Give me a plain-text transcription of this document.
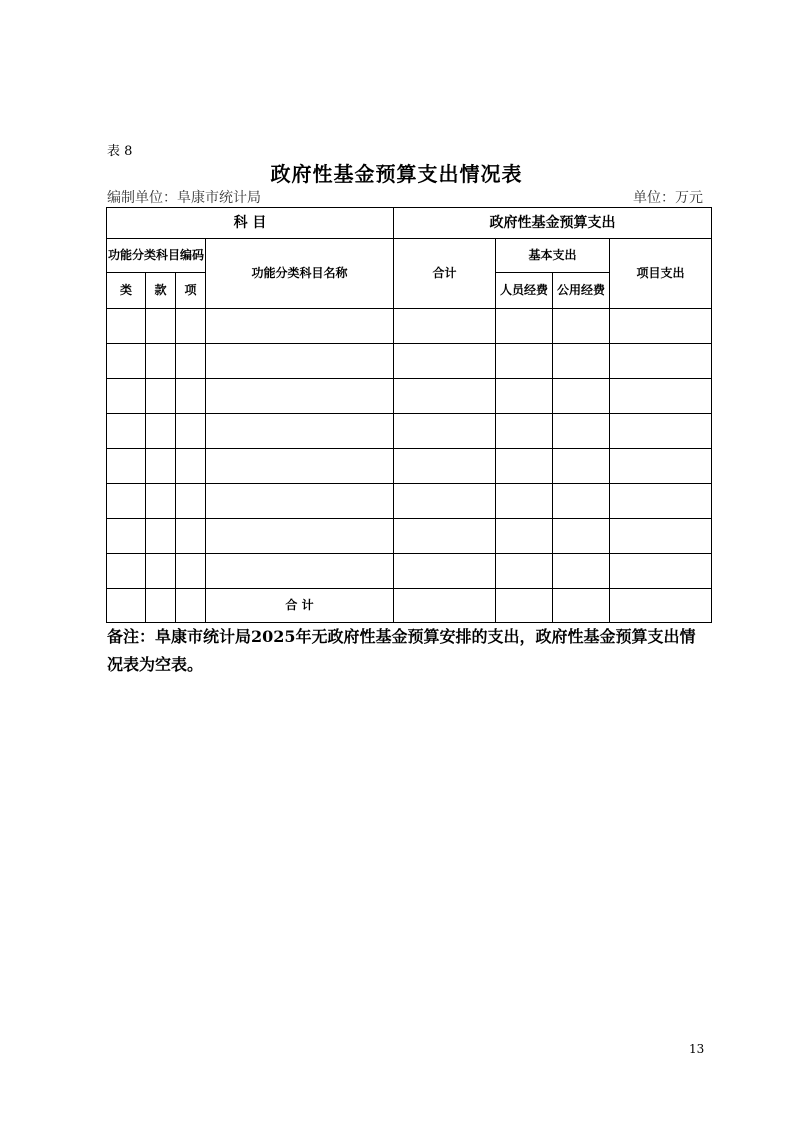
表 8
政府性基金预算支出情况表
编制单位：阜康市统计局	单位：万元
科 目				政府性基金预算支出			
功能分类科目编码			功能分类科目名称	合计	基本支出		项目支出
类	款	项			人员经费	公用经费	

			合 计				
备注：阜康市统计局2025年无政府性基金预算安排的支出，政府性基金预算支出情况表为空表。
13
